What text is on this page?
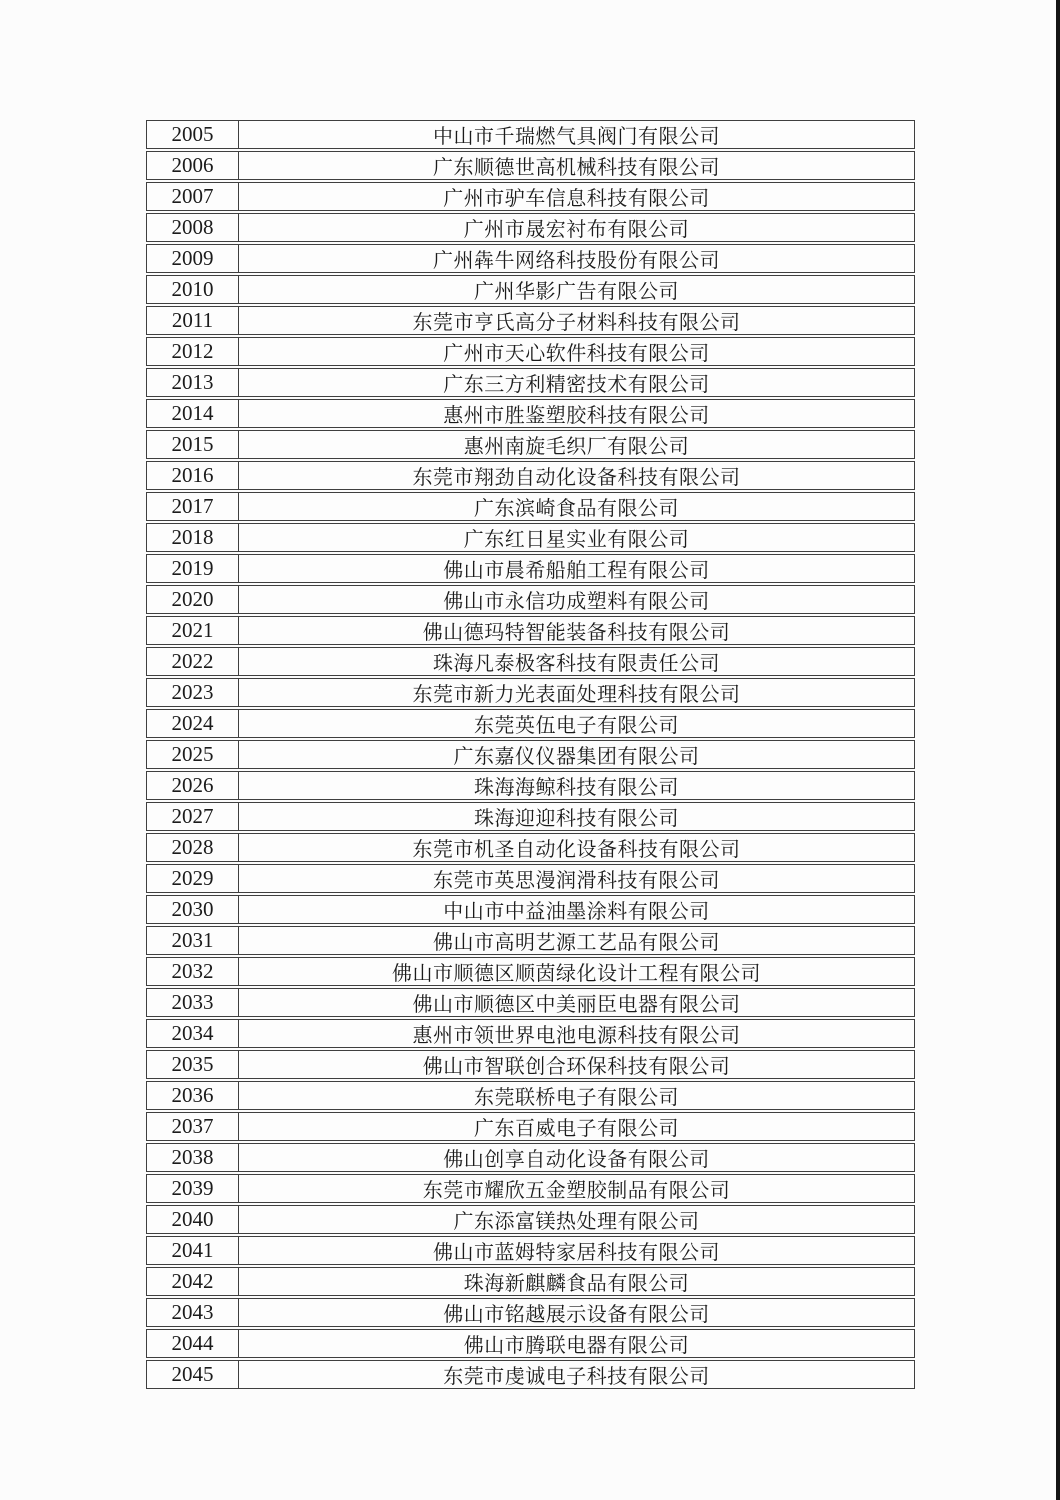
2005	中山市千瑞燃气具阀门有限公司
2006	广东顺德世高机械科技有限公司
2007	广州市驴车信息科技有限公司
2008	广州市晟宏衬布有限公司
2009	广州犇牛网络科技股份有限公司
2010	广州华影广告有限公司
2011	东莞市亨氏高分子材料科技有限公司
2012	广州市天心软件科技有限公司
2013	广东三方利精密技术有限公司
2014	惠州市胜鉴塑胶科技有限公司
2015	惠州南旋毛织厂有限公司
2016	东莞市翔劲自动化设备科技有限公司
2017	广东滨崎食品有限公司
2018	广东红日星实业有限公司
2019	佛山市晨希船舶工程有限公司
2020	佛山市永信功成塑料有限公司
2021	佛山德玛特智能装备科技有限公司
2022	珠海凡泰极客科技有限责任公司
2023	东莞市新力光表面处理科技有限公司
2024	东莞英伍电子有限公司
2025	广东嘉仪仪器集团有限公司
2026	珠海海鲸科技有限公司
2027	珠海迎迎科技有限公司
2028	东莞市机圣自动化设备科技有限公司
2029	东莞市英思漫润滑科技有限公司
2030	中山市中益油墨涂料有限公司
2031	佛山市高明艺源工艺品有限公司
2032	佛山市顺德区顺茵绿化设计工程有限公司
2033	佛山市顺德区中美丽臣电器有限公司
2034	惠州市领世界电池电源科技有限公司
2035	佛山市智联创合环保科技有限公司
2036	东莞联桥电子有限公司
2037	广东百威电子有限公司
2038	佛山创享自动化设备有限公司
2039	东莞市耀欣五金塑胶制品有限公司
2040	广东添富镁热处理有限公司
2041	佛山市蓝姆特家居科技有限公司
2042	珠海新麒麟食品有限公司
2043	佛山市铭越展示设备有限公司
2044	佛山市腾联电器有限公司
2045	东莞市虔诚电子科技有限公司
